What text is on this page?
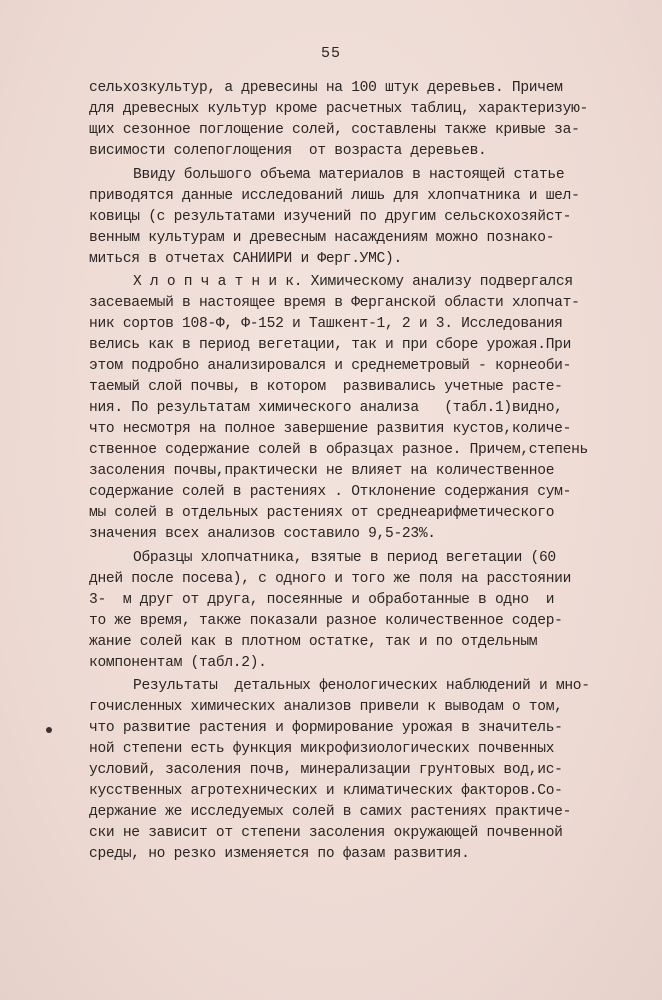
55
сельхозкультур, а древесины на 100 штук деревьев. Причем
для древесных культур кроме расчетных таблиц, характеризую-
щих сезонное поглощение солей, составлены также кривые за-
висимости солепоглощения  от возраста деревьев.
Ввиду большого объема материалов в настоящей статье
приводятся данные исследований лишь для хлопчатника и шел-
ковицы (с результатами изучений по другим сельскохозяйст-
венным культурам и древесным насаждениям можно познако-
миться в отчетах САНИИРИ и Ферг.УМС).
Х л о п ч а т н и к. Химическому анализу подвергался
засеваемый в настоящее время в Ферганской области хлопчат-
ник сортов 108-Ф, Ф-152 и Ташкент-1, 2 и 3. Исследования
велись как в период вегетации, так и при сборе урожая.При
этом подробно анализировался и среднеметровый - корнеоби-
таемый слой почвы, в котором  развивались учетные расте-
ния. По результатам химического анализа   (табл.1)видно,
что несмотря на полное завершение развития кустов,количе-
ственное содержание солей в образцах разное. Причем,степень
засоления почвы,практически не влияет на количественное
содержание солей в растениях . Отклонение содержания сум-
мы солей в отдельных растениях от среднеарифметического
значения всех анализов составило 9,5-23%.
Образцы хлопчатника, взятые в период вегетации (60
дней после посева), с одного и того же поля на расстоянии
3-  м друг от друга, посеянные и обработанные в одно  и
то же время, также показали разное количественное содер-
жание солей как в плотном остатке, так и по отдельным
компонентам (табл.2).
Результаты  детальных фенологических наблюдений и мно-
гочисленных химических анализов привели к выводам о том,
что развитие растения и формирование урожая в значитель-
ной степени есть функция микрофизиологических почвенных
условий, засоления почв, минерализации грунтовых вод,ис-
кусственных агротехнических и климатических факторов.Со-
держание же исследуемых солей в самих растениях практиче-
ски не зависит от степени засоления окружающей почвенной
среды, но резко изменяется по фазам развития.
